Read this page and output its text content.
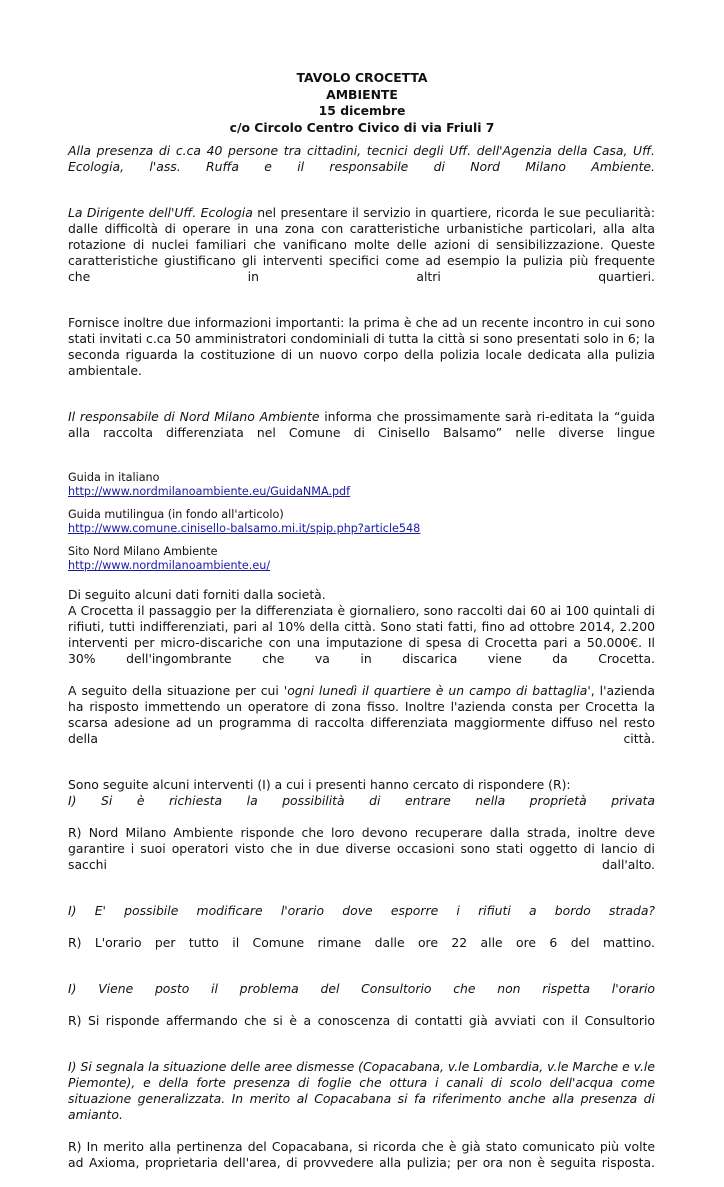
TAVOLO CROCETTA
AMBIENTE
15 dicembre
c/o Circolo Centro Civico di via Friuli 7

Alla presenza di c.ca 40 persone tra cittadini, tecnici degli Uff. dell'Agenzia della Casa, Uff. Ecologia, l'ass. Ruffa e il responsabile di Nord Milano Ambiente.

La Dirigente dell'Uff. Ecologia nel presentare il servizio in quartiere, ricorda le sue peculiarità: dalle difficoltà di operare in una zona con caratteristiche urbanistiche particolari, alla alta rotazione di nuclei familiari che vanificano molte delle azioni di sensibilizzazione. Queste caratteristiche giustificano gli interventi specifici come ad esempio la pulizia più frequente che in altri quartieri.

Fornisce inoltre due informazioni importanti: la prima è che ad un recente incontro in cui sono stati invitati c.ca 50 amministratori condominiali di tutta la città si sono presentati solo in 6; la seconda riguarda la costituzione di un nuovo corpo della polizia locale dedicata alla pulizia ambientale.

Il responsabile di Nord Milano Ambiente informa che prossimamente sarà ri-editata la “guida alla raccolta differenziata nel Comune di Cinisello Balsamo” nelle diverse lingue

Guida in italiano
http://www.nordmilanoambiente.eu/GuidaNMA.pdf
Guida mutilingua (in fondo all'articolo)
http://www.comune.cinisello-balsamo.mi.it/spip.php?article548
Sito Nord Milano Ambiente
http://www.nordmilanoambiente.eu/

Di seguito alcuni dati forniti dalla società.

A Crocetta il passaggio per la differenziata è giornaliero, sono raccolti dai 60 ai 100 quintali di rifiuti, tutti indifferenziati, pari al 10% della città. Sono stati fatti, fino ad ottobre 2014, 2.200 interventi per micro-discariche con una imputazione di spesa di Crocetta pari a 50.000€. Il 30% dell'ingombrante che va in discarica viene da Crocetta.

A seguito della situazione per cui 'ogni lunedì il quartiere è un campo di battaglia', l'azienda ha risposto immettendo un operatore di zona fisso. Inoltre l'azienda consta per Crocetta la scarsa adesione ad un programma di raccolta differenziata maggiormente diffuso nel resto della città.

Sono seguite alcuni interventi (I) a cui i presenti hanno cercato di rispondere (R):

I) Si è richiesta la possibilità di entrare nella proprietà privata

R) Nord Milano Ambiente risponde che loro devono recuperare dalla strada, inoltre deve garantire i suoi operatori visto che in due diverse occasioni sono stati oggetto di lancio di sacchi dall'alto.

I) E' possibile modificare l'orario dove esporre i rifiuti a bordo strada?

R) L'orario per tutto il Comune rimane dalle ore 22 alle ore 6 del mattino.

I) Viene posto il problema del Consultorio che non rispetta l'orario

R) Si risponde affermando che si è a conoscenza di contatti già avviati con il Consultorio

I) Si segnala la situazione delle aree dismesse (Copacabana, v.le Lombardia, v.le Marche e v.le Piemonte), e della forte presenza di foglie che ottura i canali di scolo dell'acqua come situazione generalizzata. In merito al Copacabana si fa riferimento anche alla presenza di amianto.

R) In merito alla pertinenza del Copacabana, si ricorda che è già stato comunicato più volte ad Axioma, proprietaria dell'area, di provvedere alla pulizia; per ora non è seguita risposta.
